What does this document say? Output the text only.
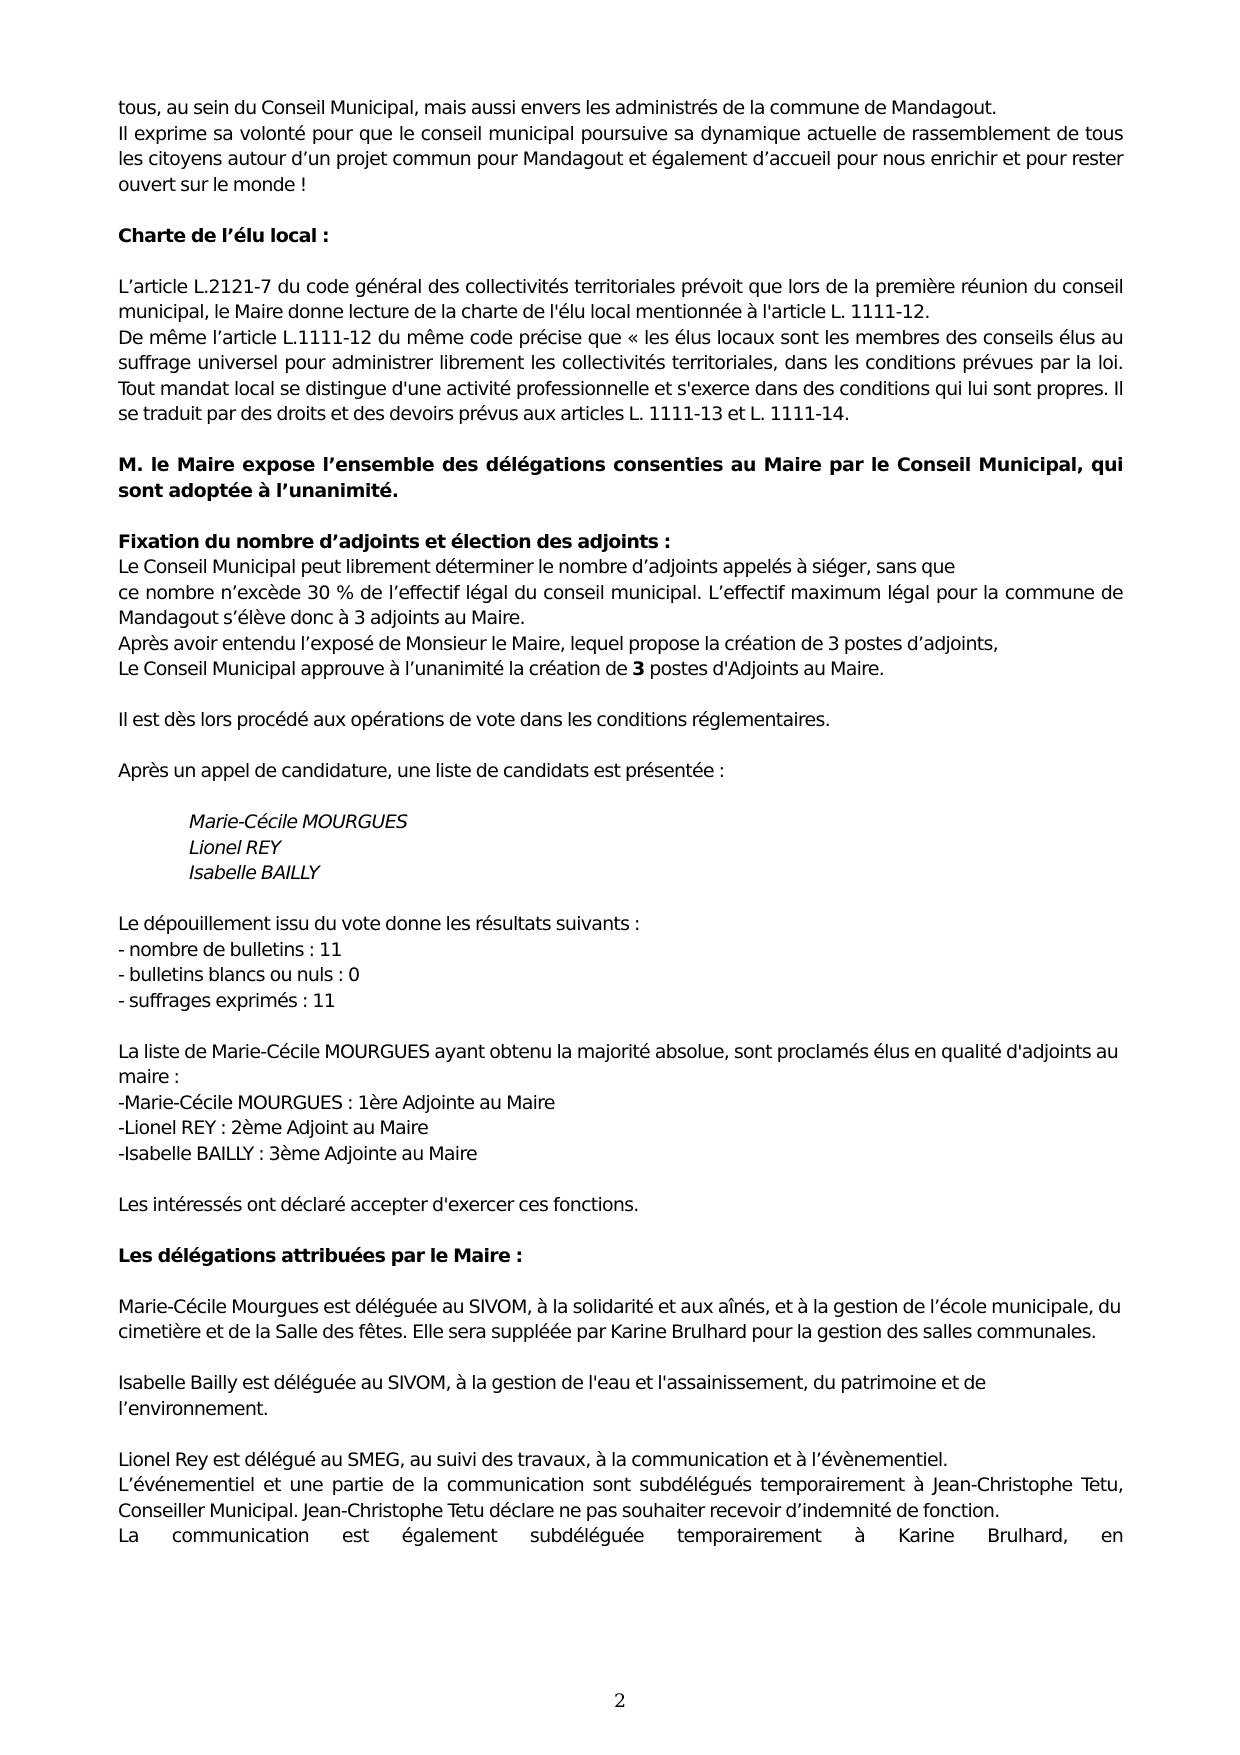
tous, au sein du Conseil Municipal, mais aussi envers les administrés de la commune de Mandagout.
Il exprime sa volonté pour que le conseil municipal poursuive sa dynamique actuelle de rassemblement de tous les citoyens autour d’un projet commun pour Mandagout et également d’accueil pour nous enrichir et pour rester ouvert sur le monde !

Charte de l’élu local :

L’article L.2121-7 du code général des collectivités territoriales prévoit que lors de la première réunion du conseil municipal, le Maire donne lecture de la charte de l'élu local mentionnée à l'article L. 1111-12.

De même l’article L.1111-12 du même code précise que « les élus locaux sont les membres des conseils élus au suffrage universel pour administrer librement les collectivités territoriales, dans les conditions prévues par la loi. Tout mandat local se distingue d'une activité professionnelle et s'exerce dans des conditions qui lui sont propres. Il se traduit par des droits et des devoirs prévus aux articles L. 1111-13 et L. 1111-14.

M. le Maire expose l’ensemble des délégations consenties au Maire par le Conseil Municipal, qui sont adoptée à l’unanimité.

Fixation du nombre d’adjoints et élection des adjoints :

Le Conseil Municipal peut librement déterminer le nombre d’adjoints appelés à siéger, sans que
ce nombre n’excède 30 % de l’effectif légal du conseil municipal. L’effectif maximum légal pour la commune de Mandagout s’élève donc à 3 adjoints au Maire.

Après avoir entendu l’exposé de Monsieur le Maire, lequel propose la création de 3 postes d’adjoints,
Le Conseil Municipal approuve à l’unanimité la création de 3 postes d'Adjoints au Maire.

Il est dès lors procédé aux opérations de vote dans les conditions réglementaires.

Après un appel de candidature, une liste de candidats est présentée :

Marie-Cécile MOURGUES
Lionel REY
Isabelle BAILLY
Le dépouillement issu du vote donne les résultats suivants :
- nombre de bulletins : 11
- bulletins blancs ou nuls : 0
- suffrages exprimés : 11
La liste de Marie-Cécile MOURGUES ayant obtenu la majorité absolue, sont proclamés élus en qualité d'adjoints au maire :
-Marie-Cécile MOURGUES : 1ère Adjointe au Maire
-Lionel REY : 2ème Adjoint au Maire
-Isabelle BAILLY : 3ème Adjointe au Maire

Les intéressés ont déclaré accepter d'exercer ces fonctions.

Les délégations attribuées par le Maire :

Marie-Cécile Mourgues est déléguée au SIVOM, à la solidarité et aux aînés, et à la gestion de l’école municipale, du cimetière et de la Salle des fêtes. Elle sera suppléée par Karine Brulhard pour la gestion des salles communales.

Isabelle Bailly est déléguée au SIVOM, à la gestion de l'eau et l'assainissement, du patrimoine et de l’environnement.

Lionel Rey est délégué au SMEG, au suivi des travaux, à la communication et à l’évènementiel.

L’événementiel et une partie de la communication sont subdélégués temporairement à Jean-Christophe Tetu, Conseiller Municipal. Jean-Christophe Tetu déclare ne pas souhaiter recevoir d’indemnité de fonction.

La communication est également subdéléguée temporairement à Karine Brulhard, en

2
